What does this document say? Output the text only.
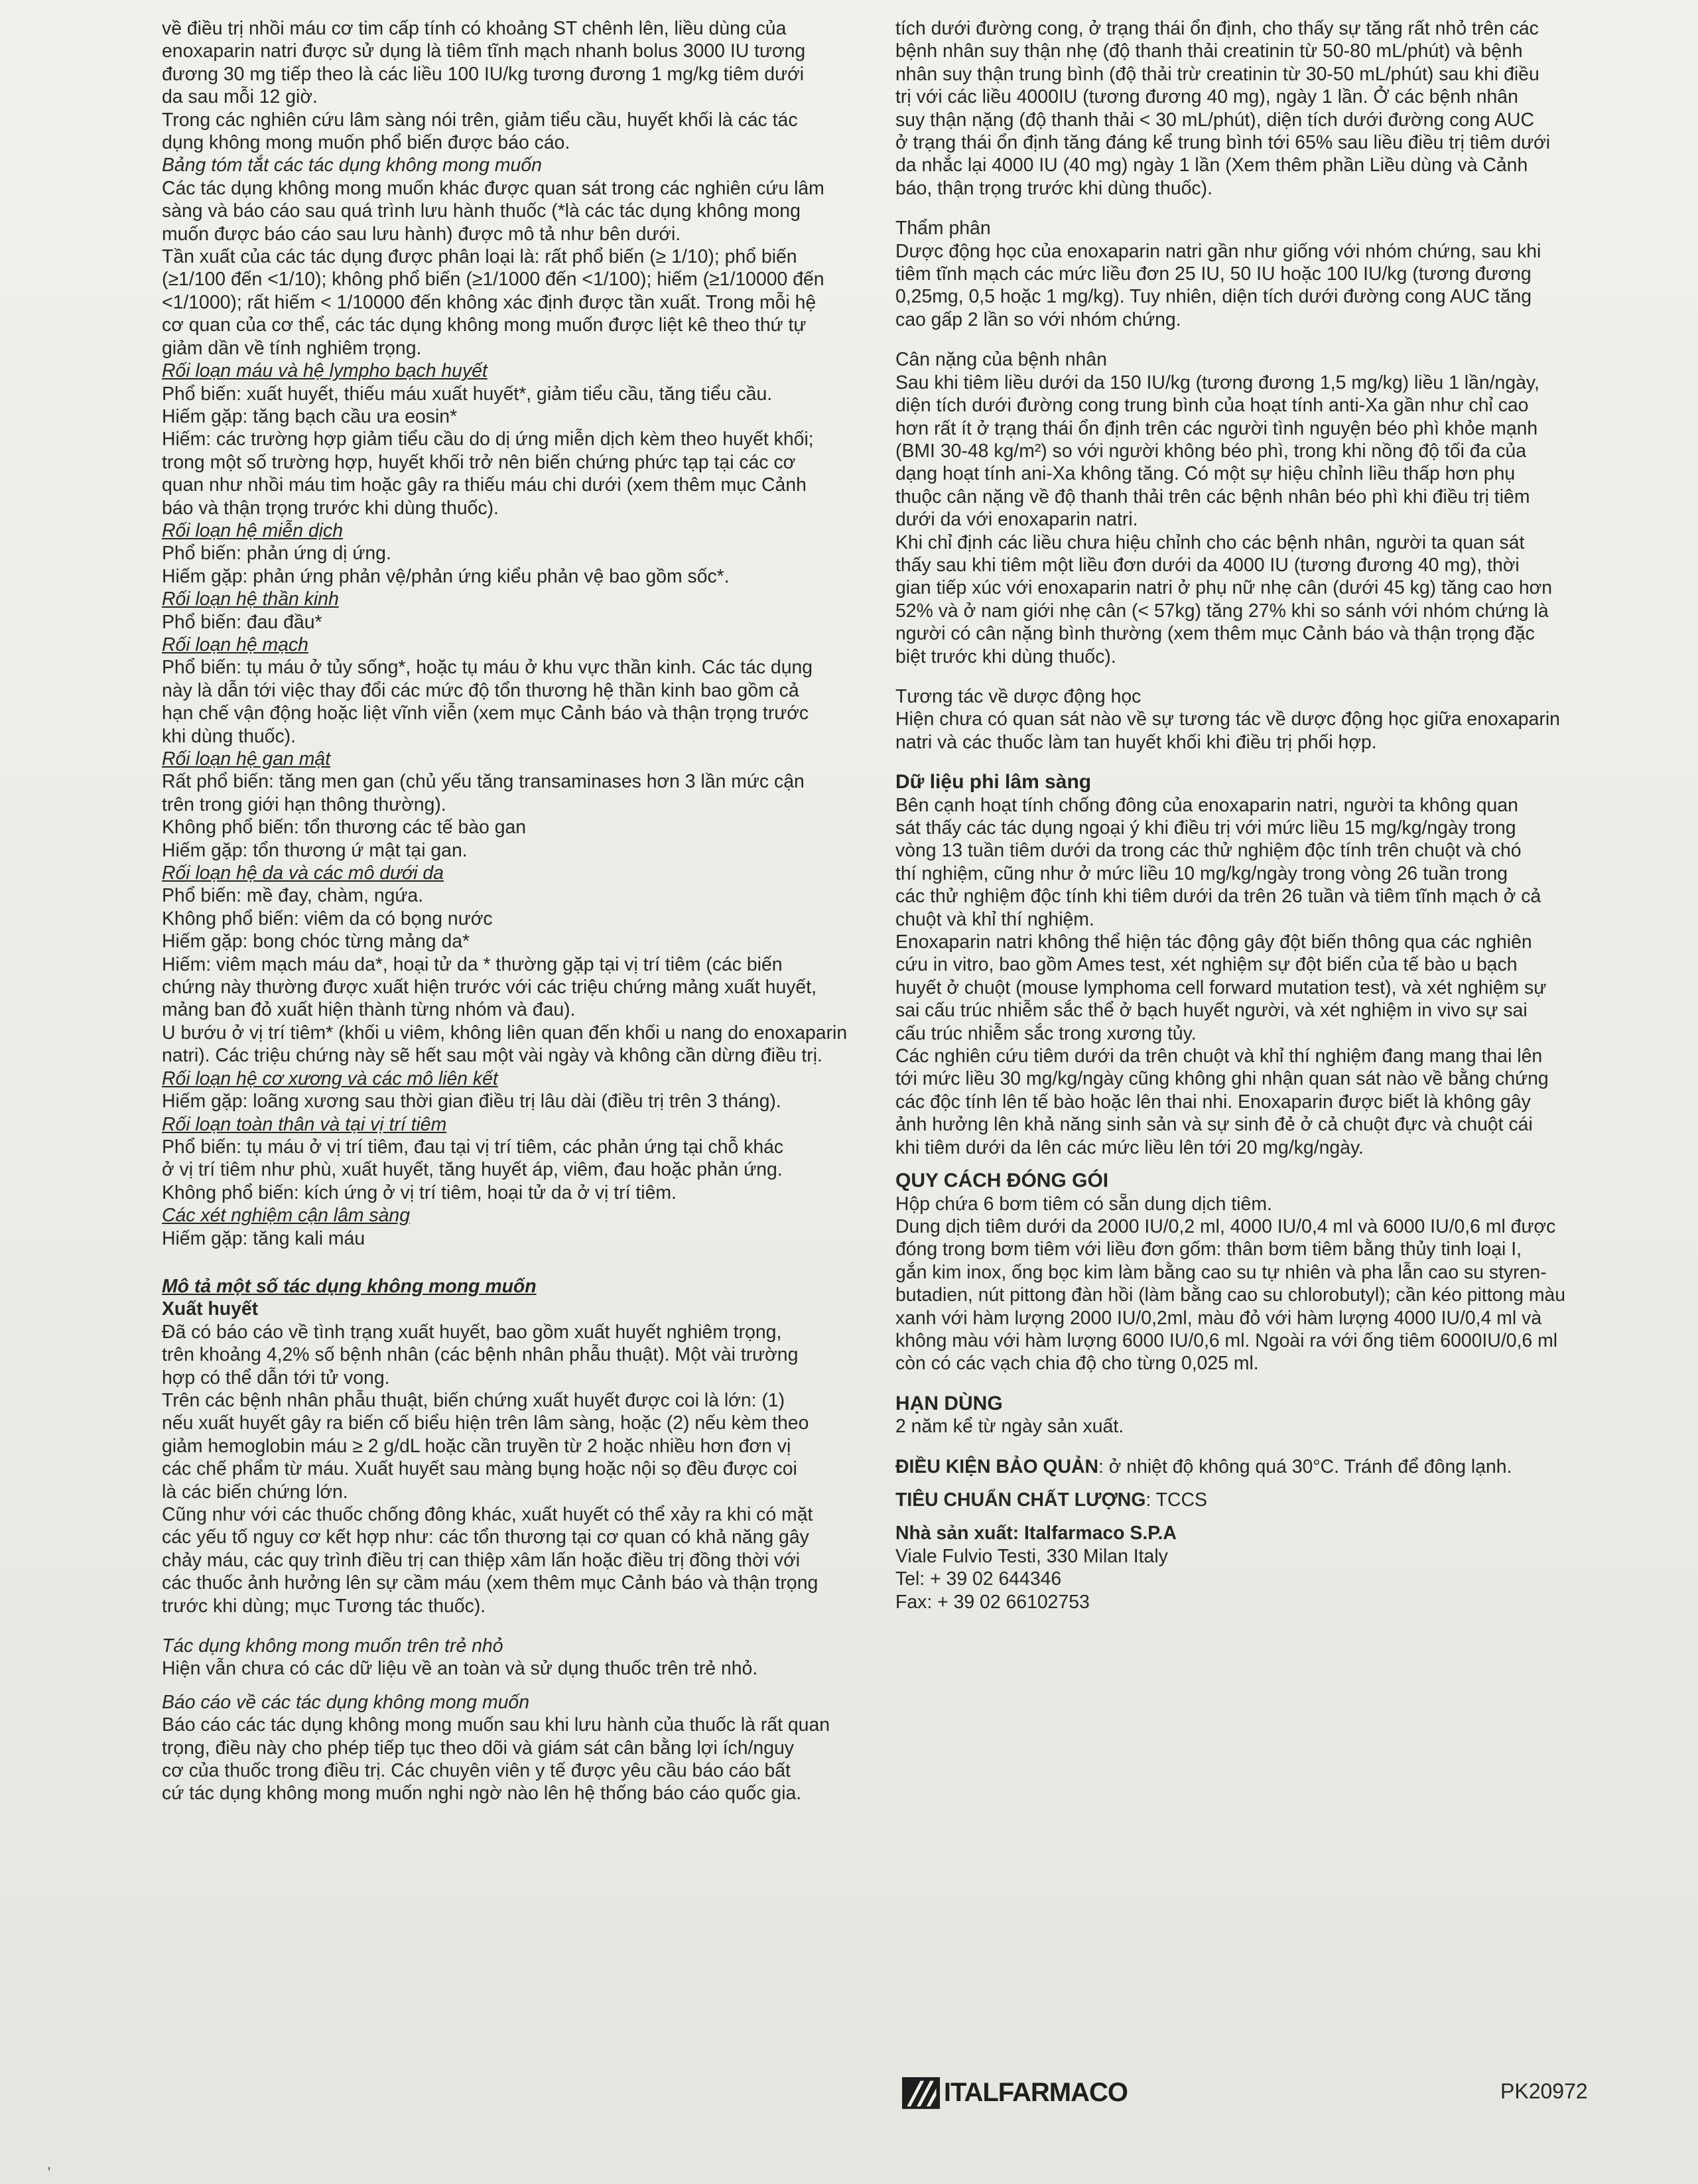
về điều trị nhồi máu cơ tim cấp tính có khoảng ST chênh lên, liều dùng của

enoxaparin natri được sử dụng là tiêm tĩnh mạch nhanh bolus 3000 IU tương

đương 30 mg tiếp theo là các liều 100 IU/kg tương đương 1 mg/kg tiêm dưới

da sau mỗi 12 giờ.

Trong các nghiên cứu lâm sàng nói trên, giảm tiểu cầu, huyết khối là các tác

dụng không mong muốn phổ biến được báo cáo.

Bảng tóm tắt các tác dụng không mong muốn

Các tác dụng không mong muốn khác được quan sát trong các nghiên cứu lâm

sàng và báo cáo sau quá trình lưu hành thuốc (*là các tác dụng không mong

muốn được báo cáo sau lưu hành) được mô tả như bên dưới.

Tần xuất của các tác dụng được phân loại là: rất phổ biến (≥ 1/10); phổ biến

(≥1/100 đến <1/10); không phổ biến (≥1/1000 đến <1/100); hiếm (≥1/10000 đến

<1/1000); rất hiếm < 1/10000 đến không xác định được tần xuất. Trong mỗi hệ

cơ quan của cơ thể, các tác dụng không mong muốn được liệt kê theo thứ tự

giảm dần về tính nghiêm trọng.

Rối loạn máu và hệ lympho bạch huyết

Phổ biến: xuất huyết, thiếu máu xuất huyết*, giảm tiểu cầu, tăng tiểu cầu.

Hiếm gặp: tăng bạch cầu ưa eosin*

Hiếm: các trường hợp giảm tiểu cầu do dị ứng miễn dịch kèm theo huyết khối;

trong một số trường hợp, huyết khối trở nên biến chứng phức tạp tại các cơ

quan như nhồi máu tim hoặc gây ra thiếu máu chi dưới (xem thêm mục Cảnh

báo và thận trọng trước khi dùng thuốc).

Rối loạn hệ miễn dịch

Phổ biến: phản ứng dị ứng.

Hiếm gặp: phản ứng phản vệ/phản ứng kiểu phản vệ bao gồm sốc*.

Rối loạn hệ thần kinh

Phổ biến: đau đầu*

Rối loạn hệ mạch

Phổ biến: tụ máu ở tủy sống*, hoặc tụ máu ở khu vực thần kinh. Các tác dụng

này là dẫn tới việc thay đổi các mức độ tổn thương hệ thần kinh bao gồm cả

hạn chế vận động hoặc liệt vĩnh viễn (xem mục Cảnh báo và thận trọng trước

khi dùng thuốc).

Rối loạn hệ gan mật

Rất phổ biến: tăng men gan (chủ yếu tăng transaminases hơn 3 lần mức cận

trên trong giới hạn thông thường).

Không phổ biến: tổn thương các tế bào gan

Hiếm gặp: tổn thương ứ mật tại gan.

Rối loạn hệ da và các mô dưới da

Phổ biến: mề đay, chàm, ngứa.

Không phổ biến: viêm da có bọng nước

Hiếm gặp: bong chóc từng mảng da*

Hiếm: viêm mạch máu da*, hoại tử da * thường gặp tại vị trí tiêm (các biến

chứng này thường được xuất hiện trước với các triệu chứng mảng xuất huyết,

mảng ban đỏ xuất hiện thành từng nhóm và đau).

U bướu ở vị trí tiêm* (khối u viêm, không liên quan đến khối u nang do enoxaparin

natri). Các triệu chứng này sẽ hết sau một vài ngày và không cần dừng điều trị.

Rối loạn hệ cơ xương và các mô liên kết

Hiếm gặp: loãng xương sau thời gian điều trị lâu dài (điều trị trên 3 tháng).

Rối loạn toàn thân và tại vị trí tiêm

Phổ biến: tụ máu ở vị trí tiêm, đau tại vị trí tiêm, các phản ứng tại chỗ khác

ở vị trí tiêm như phù, xuất huyết, tăng huyết áp, viêm, đau hoặc phản ứng.

Không phổ biến: kích ứng ở vị trí tiêm, hoại tử da ở vị trí tiêm.

Các xét nghiệm cận lâm sàng

Hiếm gặp: tăng kali máu

Mô tả một số tác dụng không mong muốn

Xuất huyết

Đã có báo cáo về tình trạng xuất huyết, bao gồm xuất huyết nghiêm trọng,

trên khoảng 4,2% số bệnh nhân (các bệnh nhân phẫu thuật). Một vài trường

hợp có thể dẫn tới tử vong.

Trên các bệnh nhân phẫu thuật, biến chứng xuất huyết được coi là lớn: (1)

nếu xuất huyết gây ra biến cố biểu hiện trên lâm sàng, hoặc (2) nếu kèm theo

giảm hemoglobin máu ≥ 2 g/dL hoặc cần truyền từ 2 hoặc nhiều hơn đơn vị

các chế phẩm từ máu. Xuất huyết sau màng bụng hoặc nội sọ đều được coi

là các biến chứng lớn.

Cũng như với các thuốc chống đông khác, xuất huyết có thể xảy ra khi có mặt

các yếu tố nguy cơ kết hợp như: các tổn thương tại cơ quan có khả năng gây

chảy máu, các quy trình điều trị can thiệp xâm lấn hoặc điều trị đồng thời với

các thuốc ảnh hưởng lên sự cầm máu (xem thêm mục Cảnh báo và thận trọng

trước khi dùng; mục Tương tác thuốc).

Tác dụng không mong muốn trên trẻ nhỏ

Hiện vẫn chưa có các dữ liệu về an toàn và sử dụng thuốc trên trẻ nhỏ.

Báo cáo về các tác dụng không mong muốn

Báo cáo các tác dụng không mong muốn sau khi lưu hành của thuốc là rất quan

trọng, điều này cho phép tiếp tục theo dõi và giám sát cân bằng lợi ích/nguy

cơ của thuốc trong điều trị. Các chuyên viên y tế được yêu cầu báo cáo bất

cứ tác dụng không mong muốn nghi ngờ nào lên hệ thống báo cáo quốc gia.

tích dưới đường cong, ở trạng thái ổn định, cho thấy sự tăng rất nhỏ trên các

bệnh nhân suy thận nhẹ (độ thanh thải creatinin từ 50-80 mL/phút) và bệnh

nhân suy thận trung bình (độ thải trừ creatinin từ 30-50 mL/phút) sau khi điều

trị với các liều 4000IU (tương đương 40 mg), ngày 1 lần. Ở các bệnh nhân

suy thận nặng (độ thanh thải < 30 mL/phút), diện tích dưới đường cong AUC

ở trạng thái ổn định tăng đáng kể trung bình tới 65% sau liều điều trị tiêm dưới

da nhắc lại 4000 IU (40 mg) ngày 1 lần (Xem thêm phần Liều dùng và Cảnh

báo, thận trọng trước khi dùng thuốc).

Thẩm phân

Dược động học của enoxaparin natri gần như giống với nhóm chứng, sau khi

tiêm tĩnh mạch các mức liều đơn 25 IU, 50 IU hoặc 100 IU/kg (tương đương

0,25mg, 0,5 hoặc 1 mg/kg). Tuy nhiên, diện tích dưới đường cong AUC tăng

cao gấp 2 lần so với nhóm chứng.

Cân nặng của bệnh nhân

Sau khi tiêm liều dưới da 150 IU/kg (tương đương 1,5 mg/kg) liều 1 lần/ngày,

diện tích dưới đường cong trung bình của hoạt tính anti-Xa gần như chỉ cao

hơn rất ít ở trạng thái ổn định trên các người tình nguyện béo phì khỏe mạnh

(BMI 30-48 kg/m²) so với người không béo phì, trong khi nồng độ tối đa của

dạng hoạt tính ani-Xa không tăng. Có một sự hiệu chỉnh liều thấp hơn phụ

thuộc cân nặng về độ thanh thải trên các bệnh nhân béo phì khi điều trị tiêm

dưới da với enoxaparin natri.

Khi chỉ định các liều chưa hiệu chỉnh cho các bệnh nhân, người ta quan sát

thấy sau khi tiêm một liều đơn dưới da 4000 IU (tương đương 40 mg), thời

gian tiếp xúc với enoxaparin natri ở phụ nữ nhẹ cân (dưới 45 kg) tăng cao hơn

52% và ở nam giới nhẹ cân (< 57kg) tăng 27% khi so sánh với nhóm chứng là

người có cân nặng bình thường (xem thêm mục Cảnh báo và thận trọng đặc

biệt trước khi dùng thuốc).

Tương tác về dược động học

Hiện chưa có quan sát nào về sự tương tác về dược động học giữa enoxaparin

natri và các thuốc làm tan huyết khối khi điều trị phối hợp.

Dữ liệu phi lâm sàng

Bên cạnh hoạt tính chống đông của enoxaparin natri, người ta không quan

sát thấy các tác dụng ngoại ý khi điều trị với mức liều 15 mg/kg/ngày trong

vòng 13 tuần tiêm dưới da trong các thử nghiệm độc tính trên chuột và chó

thí nghiệm, cũng như ở mức liều 10 mg/kg/ngày trong vòng 26 tuần trong

các thử nghiệm độc tính khi tiêm dưới da trên 26 tuần và tiêm tĩnh mạch ở cả

chuột và khỉ thí nghiệm.

Enoxaparin natri không thể hiện tác động gây đột biến thông qua các nghiên

cứu in vitro, bao gồm Ames test, xét nghiệm sự đột biến của tế bào u bạch

huyết ở chuột (mouse lymphoma cell forward mutation test), và xét nghiệm sự

sai cấu trúc nhiễm sắc thể ở bạch huyết người, và xét nghiệm in vivo sự sai

cấu trúc nhiễm sắc trong xương tủy.

Các nghiên cứu tiêm dưới da trên chuột và khỉ thí nghiệm đang mang thai lên

tới mức liều 30 mg/kg/ngày cũng không ghi nhận quan sát nào về bằng chứng

các độc tính lên tế bào hoặc lên thai nhi. Enoxaparin được biết là không gây

ảnh hưởng lên khả năng sinh sản và sự sinh đẻ ở cả chuột đực và chuột cái

khi tiêm dưới da lên các mức liều lên tới 20 mg/kg/ngày.

QUY CÁCH ĐÓNG GÓI

Hộp chứa 6 bơm tiêm có sẵn dung dịch tiêm.

Dung dịch tiêm dưới da 2000 IU/0,2 ml, 4000 IU/0,4 ml và 6000 IU/0,6 ml được

đóng trong bơm tiêm với liều đơn gốm: thân bơm tiêm bằng thủy tinh loại I,

gắn kim inox, ống bọc kim làm bằng cao su tự nhiên và pha lẫn cao su styren-

butadien, nút pittong đàn hồi (làm bằng cao su chlorobutyl); cần kéo pittong màu

xanh với hàm lượng 2000 IU/0,2ml, màu đỏ với hàm lượng 4000 IU/0,4 ml và

không màu với hàm lượng 6000 IU/0,6 ml. Ngoài ra với ống tiêm 6000IU/0,6 ml

còn có các vạch chia độ cho từng 0,025 ml.

HẠN DÙNG

2 năm kể từ ngày sản xuất.

ĐIỀU KIỆN BẢO QUẢN: ở nhiệt độ không quá 30°C. Tránh để đông lạnh.

TIÊU CHUẨN CHẤT LƯỢNG: TCCS

Nhà sản xuất: Italfarmaco S.P.A

Viale Fulvio Testi, 330 Milan Italy

Tel: + 39 02 644346

Fax: + 39 02 66102753

ITALFARMACO	PK20972
'
